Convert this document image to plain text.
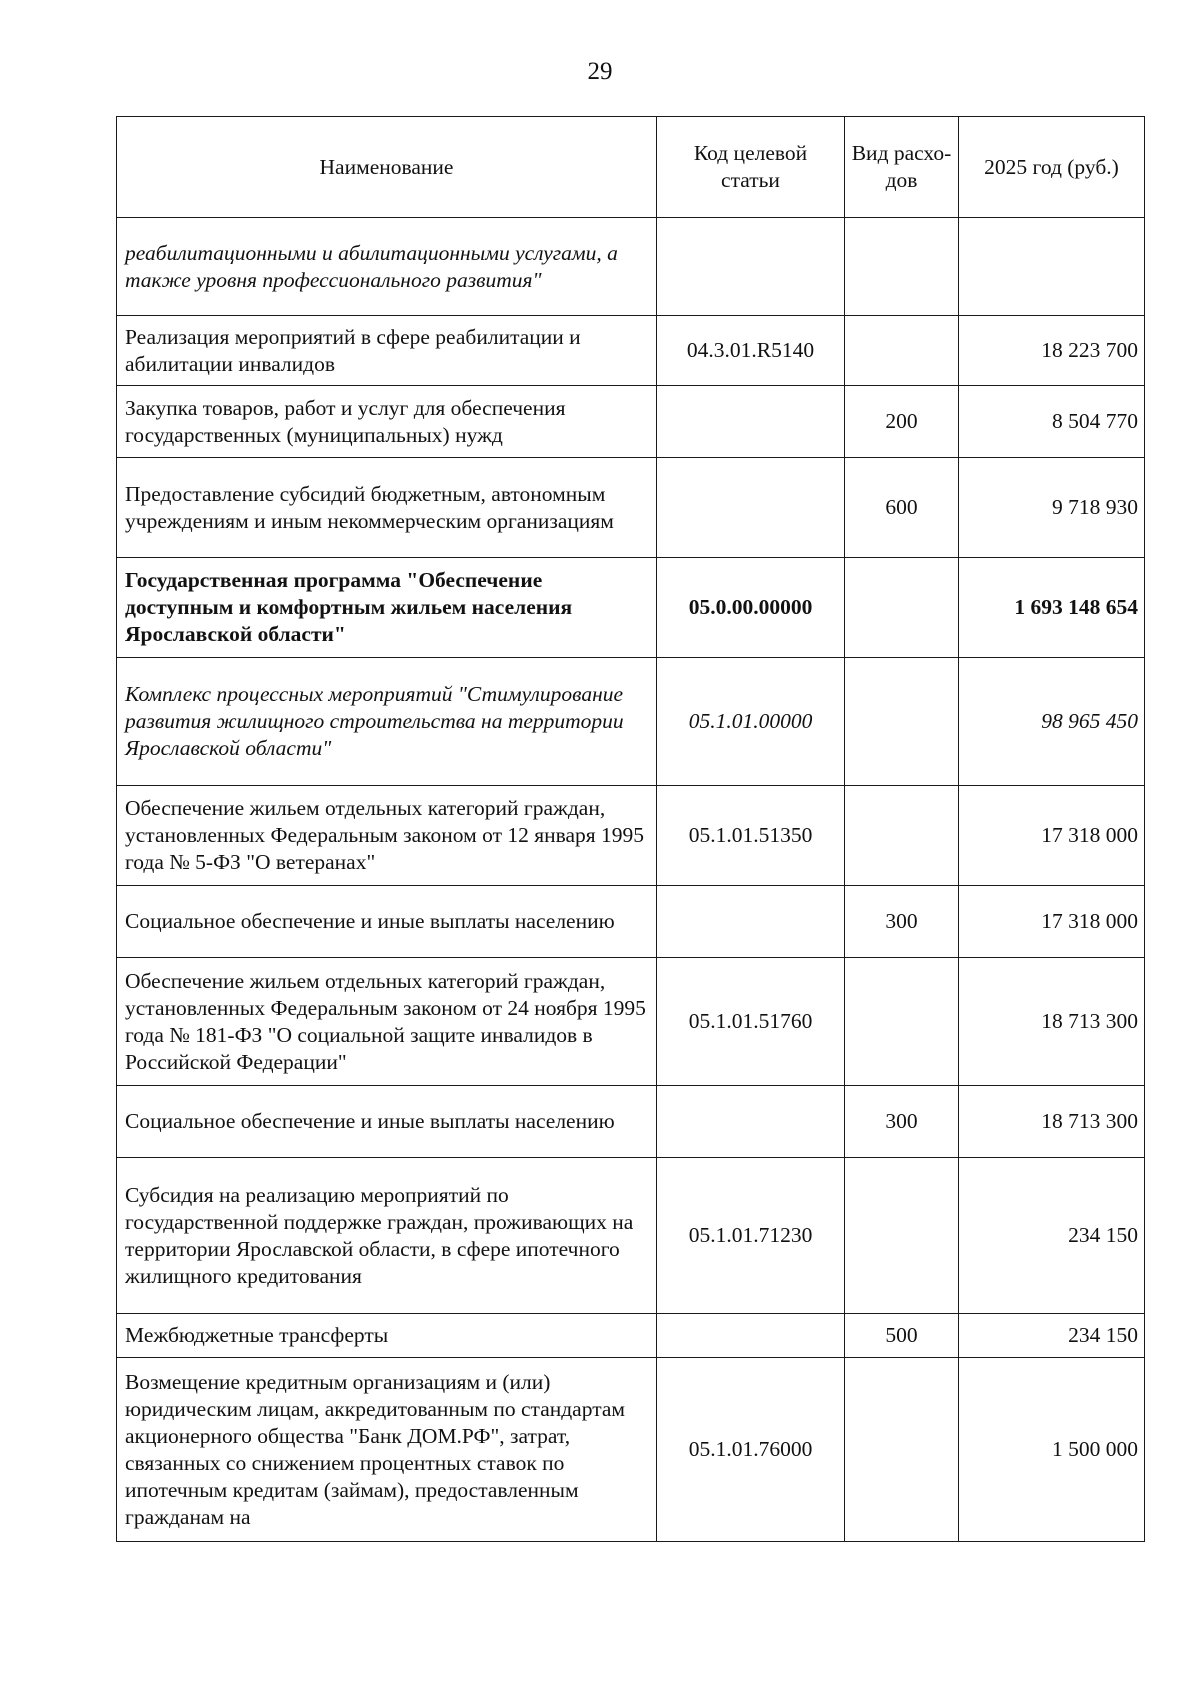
29
Наименование	Код целевой статьи	Вид расхо-дов	2025 год (руб.)
реабилитационными и абилитационными услугами, а также уровня профессионального развития"			
Реализация мероприятий в сфере реабилитации и абилитации инвалидов	04.3.01.R5140		18 223 700
Закупка товаров, работ и услуг для обеспечения государственных (муниципальных) нужд		200	8 504 770
Предоставление субсидий бюджетным, автономным учреждениям и иным некоммерческим организациям		600	9 718 930
Государственная программа "Обеспечение доступным и комфортным жильем населения Ярославской области"	05.0.00.00000		1 693 148 654
Комплекс процессных мероприятий "Стимулирование развития жилищного строительства на территории Ярославской области"	05.1.01.00000		98 965 450
Обеспечение жильем отдельных категорий граждан, установленных Федеральным законом от 12 января 1995 года № 5-ФЗ "О ветеранах"	05.1.01.51350		17 318 000
Социальное обеспечение и иные выплаты населению		300	17 318 000
Обеспечение жильем отдельных категорий граждан, установленных Федеральным законом от 24 ноября 1995 года № 181-ФЗ "О социальной защите инвалидов в Российской Федерации"	05.1.01.51760		18 713 300
Социальное обеспечение и иные выплаты населению		300	18 713 300
Субсидия на реализацию мероприятий по государственной поддержке граждан, проживающих на территории Ярославской области, в сфере ипотечного жилищного кредитования	05.1.01.71230		234 150
Межбюджетные трансферты		500	234 150
Возмещение кредитным организациям и (или) юридическим лицам, аккредитованным по стандартам акционерного общества "Банк ДОМ.РФ", затрат, связанных со снижением процентных ставок по ипотечным кредитам (займам), предоставленным гражданам на	05.1.01.76000		1 500 000
